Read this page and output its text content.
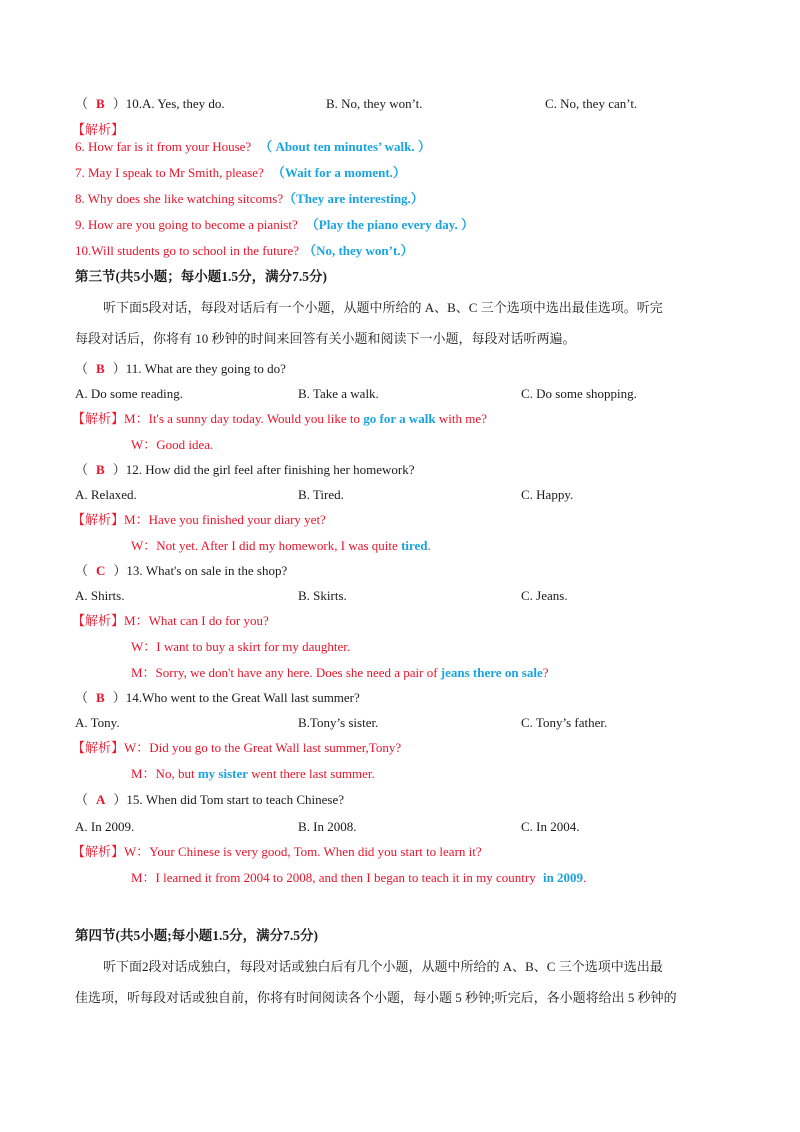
（ B ）10.A. Yes, they do.	B. No, they won’t.	C. No, they can’t.
【解析】
6. How far is it from your House? （ About ten minutes’ walk. ）
7. May I speak to Mr Smith, please? （Wait for a moment.）
8. Why does she like watching sitcoms?（They are interesting.）
9. How are you going to become a pianist? （Play the piano every day. ）
10.Will students go to school in the future? （No, they won’t.）
第三节(共5小题；每小题1.5分，满分7.5分)
听下面5段对话，每段对话后有一个小题，从题中所给的 A、B、C 三个选项中选出最佳选项。听完
每段对话后，你将有 10 秒钟的时间来回答有关小题和阅读下一小题，每段对话听两遍。
（ B ）11. What are they going to do?
A. Do some reading.	B. Take a walk.	C. Do some shopping.
【解析】M：It's a sunny day today. Would you like to go for a walk with me?
W：Good idea.
（ B ）12. How did the girl feel after finishing her homework?
A. Relaxed.	B. Tired.	C. Happy.
【解析】M：Have you finished your diary yet?
W：Not yet. After I did my homework, I was quite tired.
（ C ）13. What's on sale in the shop?
A. Shirts.	B. Skirts.	C. Jeans.
【解析】M：What can I do for you?
W：I want to buy a skirt for my daughter.
M：Sorry, we don't have any here. Does she need a pair of jeans there on sale?
（ B ）14.Who went to the Great Wall last summer?
A. Tony.	B.Tony’s sister.	C. Tony’s father.
【解析】W：Did you go to the Great Wall last summer,Tony?
M：No, but my sister went there last summer.
（ A ）15. When did Tom start to teach Chinese?
A. In 2009.	B. In 2008.	C. In 2004.
【解析】W：Your Chinese is very good, Tom. When did you start to learn it?
M：I learned it from 2004 to 2008, and then I began to teach it in my country in 2009.
第四节(共5小题;每小题1.5分，满分7.5分)
听下面2段对话成独白，每段对话或独白后有几个小题，从题中所给的 A、B、C 三个选项中选出最
佳选项，听每段对话或独自前，你将有时间阅读各个小题，每小题 5 秒钟;听完后，各小题将给出 5 秒钟的
